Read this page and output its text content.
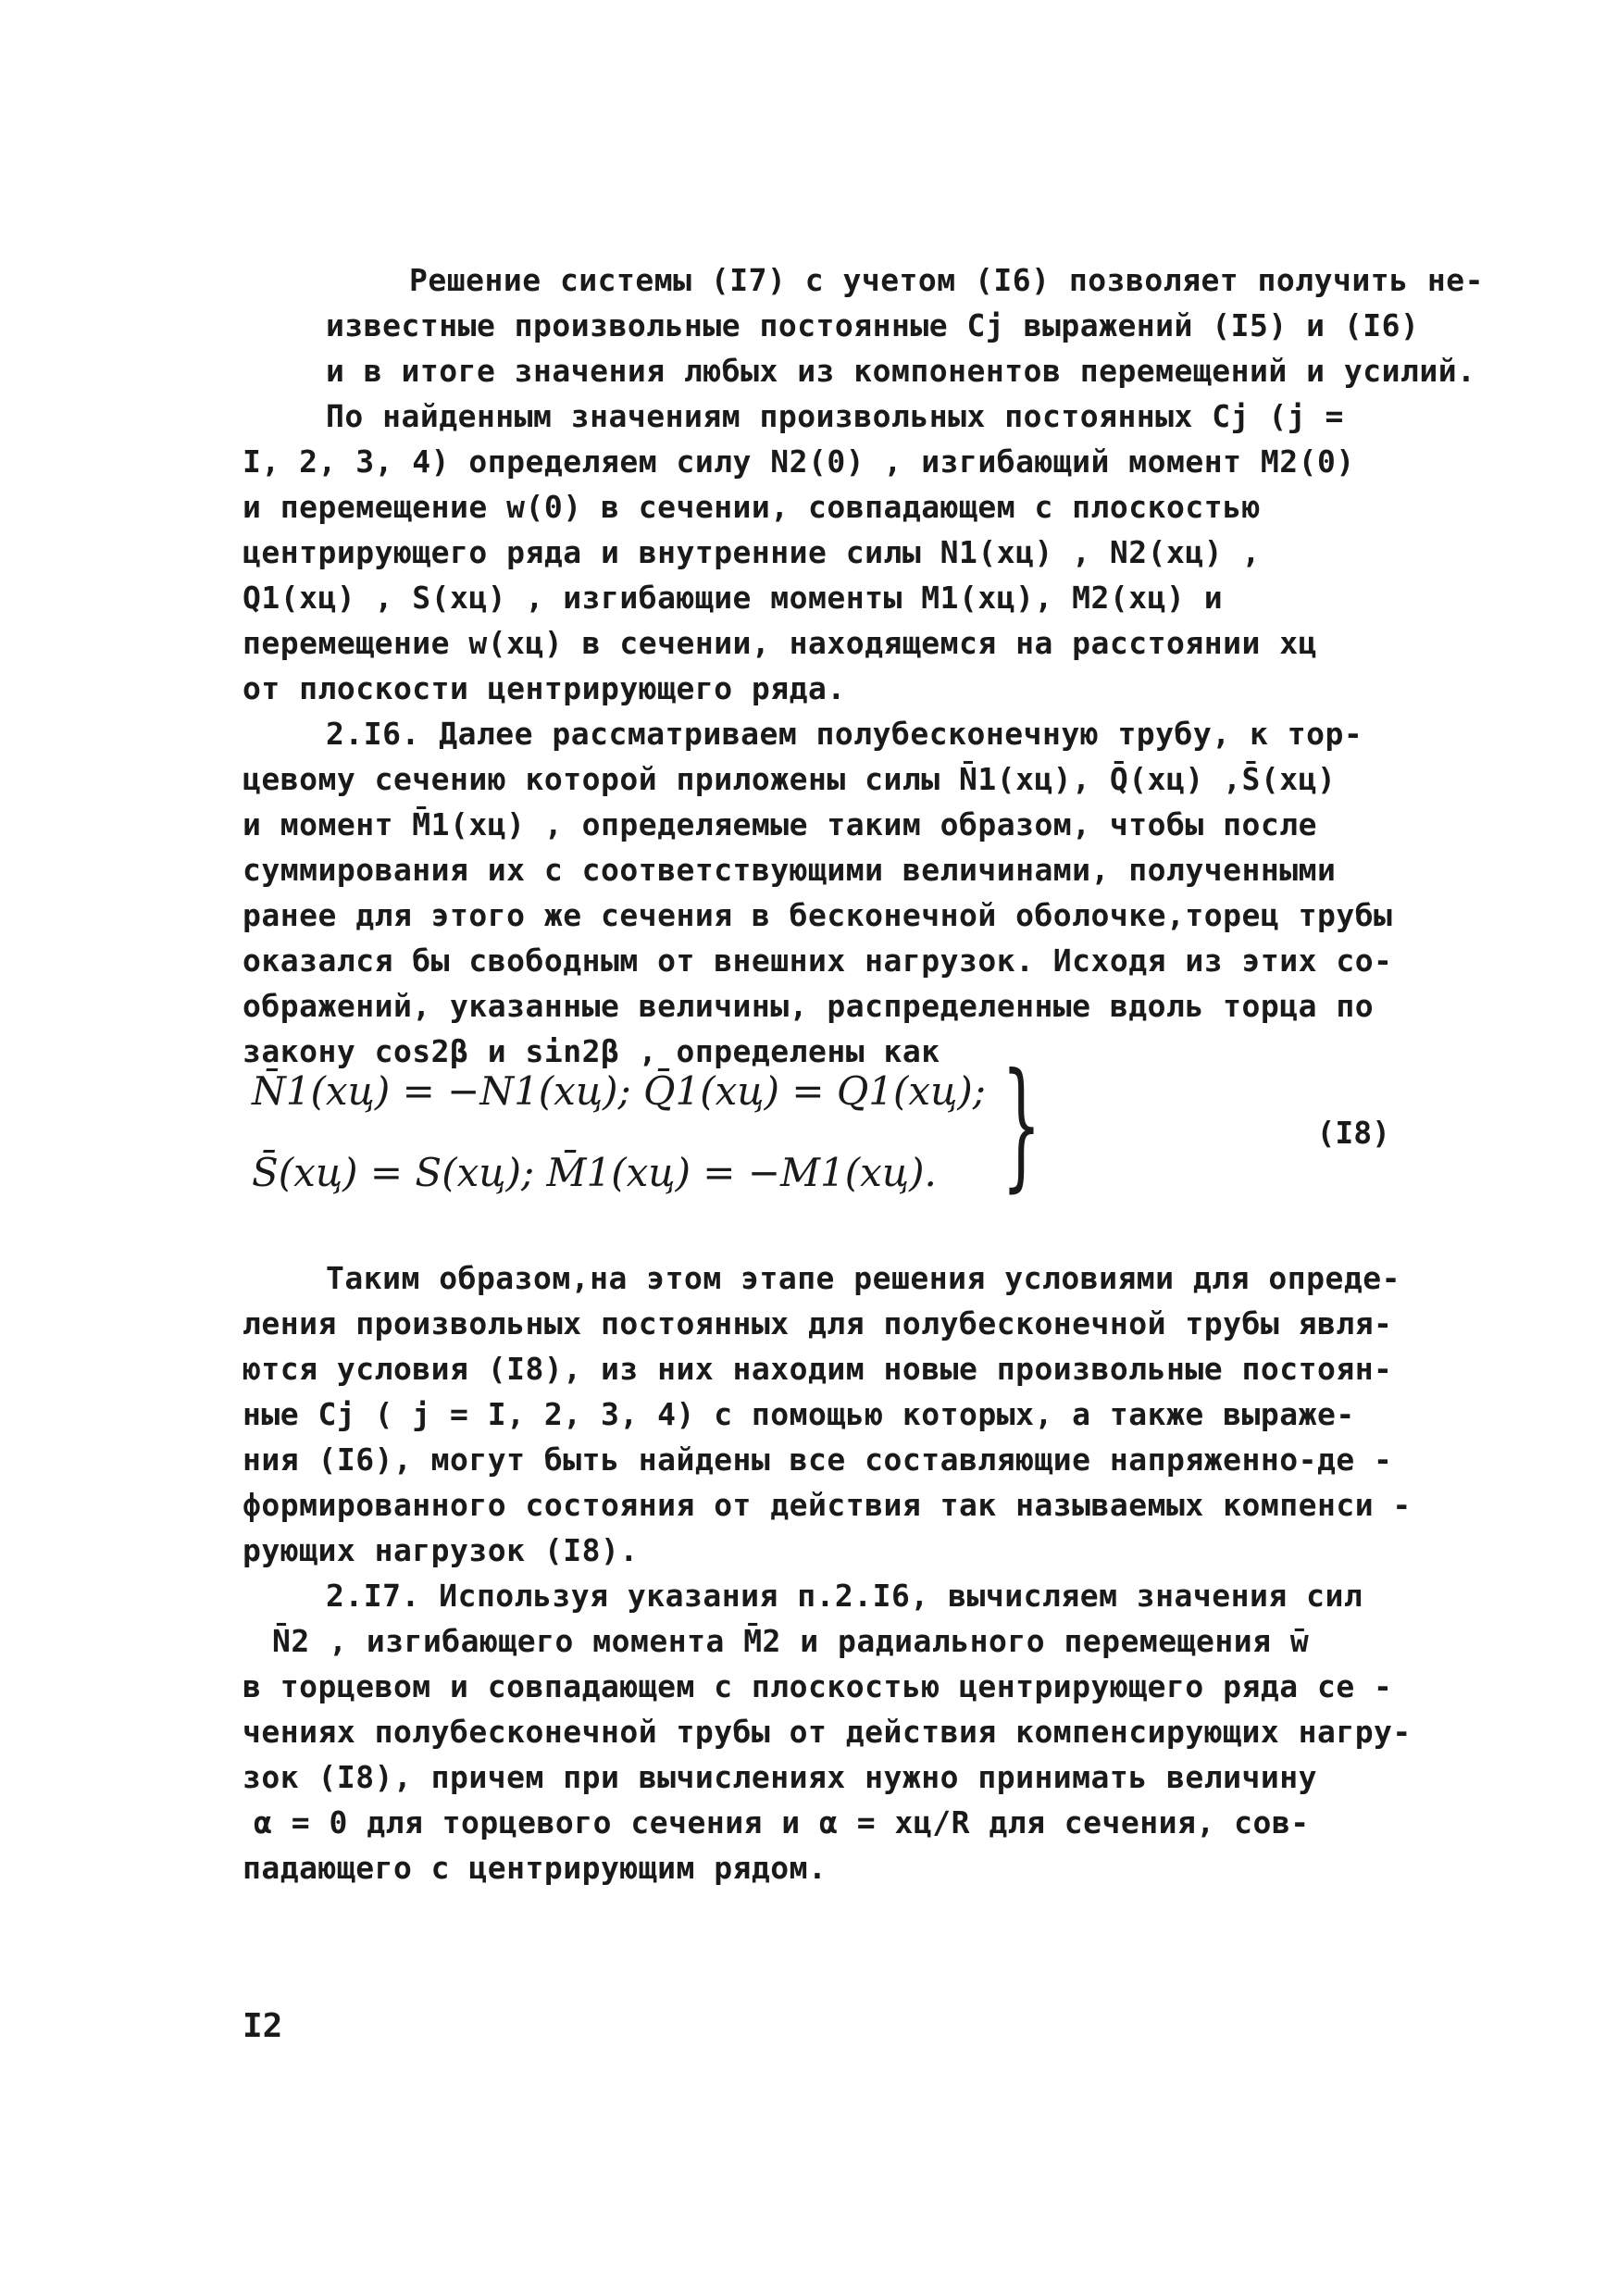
Решение системы (I7) с учетом (I6) позволяет получить не-
известные произвольные постоянные Cj выражений (I5) и (I6)
и в итоге значения любых из компонентов перемещений и усилий.

По найденным значениям произвольных постоянных Cj (j =
I, 2, 3, 4) определяем силу N2(0) , изгибающий момент M2(0)
и перемещение w(0) в сечении, совпадающем с плоскостью
центрирующего ряда и внутренние силы N1(xц) , N2(xц) ,
Q1(xц) , S(xц) , изгибающие моменты M1(xц), M2(xц) и
перемещение w(xц) в сечении, находящемся на расстоянии xц
от плоскости центрирующего ряда.

2.I6. Далее рассматриваем полубесконечную трубу, к тор-
цевому сечению которой приложены силы N̄1(xц), Q̄(xц) ,S̄(xц)
и момент M̄1(xц) , определяемые таким образом, чтобы после
суммирования их с соответствующими величинами, полученными
ранее для этого же сечения в бесконечной оболочке,торец трубы
оказался бы свободным от внешних нагрузок. Исходя из этих со-
ображений, указанные величины, распределенные вдоль торца по
закону cos2β и sin2β , определены как

N̄1(xц) = −N1(xц); Q̄1(xц) = Q1(xц);
S̄(xц) = S(xц); M̄1(xц) = −M1(xц). }	(I8)

Таким образом,на этом этапе решения условиями для опреде-
ления произвольных постоянных для полубесконечной трубы явля-
ются условия (I8), из них находим новые произвольные постоян-
ные Cj ( j = I, 2, 3, 4) с помощью которых, а также выраже-
ния (I6), могут быть найдены все составляющие напряженно-де -
формированного состояния от действия так называемых компенси -
рующих нагрузок (I8).

2.I7. Используя указания п.2.I6, вычисляем значения сил
N̄2 , изгибающего момента M̄2 и радиального перемещения w̄
в торцевом и совпадающем с плоскостью центрирующего ряда се -
чениях полубесконечной трубы от действия компенсирующих нагру-
зок (I8), причем при вычислениях нужно принимать величину
α = 0 для торцевого сечения и α = xц/R для сечения, сов-
падающего с центрирующим рядом.

I2
